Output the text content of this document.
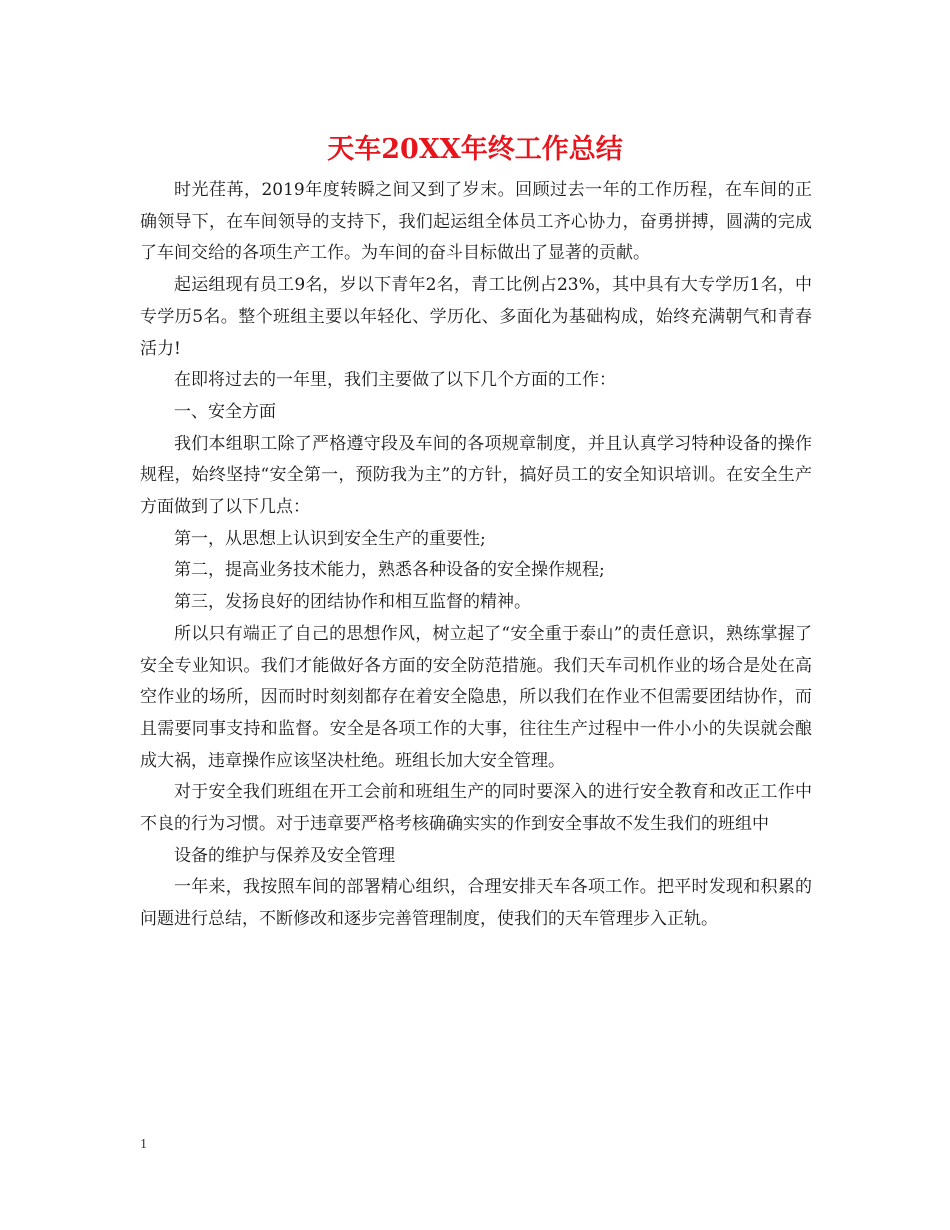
天车20XX年终工作总结

时光荏苒，2019年度转瞬之间又到了岁末。回顾过去一年的工作历程，在车间的正确领导下，在车间领导的支持下，我们起运组全体员工齐心协力，奋勇拼搏，圆满的完成了车间交给的各项生产工作。为车间的奋斗目标做出了显著的贡献。

起运组现有员工9名，岁以下青年2名，青工比例占23%，其中具有大专学历1名，中专学历5名。整个班组主要以年轻化、学历化、多面化为基础构成，始终充满朝气和青春活力!

在即将过去的一年里，我们主要做了以下几个方面的工作：

一、安全方面

我们本组职工除了严格遵守段及车间的各项规章制度，并且认真学习特种设备的操作规程，始终坚持“安全第一，预防我为主”的方针，搞好员工的安全知识培训。在安全生产方面做到了以下几点：

第一，从思想上认识到安全生产的重要性;

第二，提高业务技术能力，熟悉各种设备的安全操作规程;

第三，发扬良好的团结协作和相互监督的精神。

所以只有端正了自己的思想作风，树立起了“安全重于泰山”的责任意识，熟练掌握了安全专业知识。我们才能做好各方面的安全防范措施。我们天车司机作业的场合是处在高空作业的场所，因而时时刻刻都存在着安全隐患，所以我们在作业不但需要团结协作，而且需要同事支持和监督。安全是各项工作的大事，往往生产过程中一件小小的失误就会酿成大祸，违章操作应该坚决杜绝。班组长加大安全管理。

对于安全我们班组在开工会前和班组生产的同时要深入的进行安全教育和改正工作中不良的行为习惯。对于违章要严格考核确确实实的作到安全事故不发生我们的班组中

设备的维护与保养及安全管理

一年来，我按照车间的部署精心组织，合理安排天车各项工作。把平时发现和积累的问题进行总结，不断修改和逐步完善管理制度，使我们的天车管理步入正轨。

1
